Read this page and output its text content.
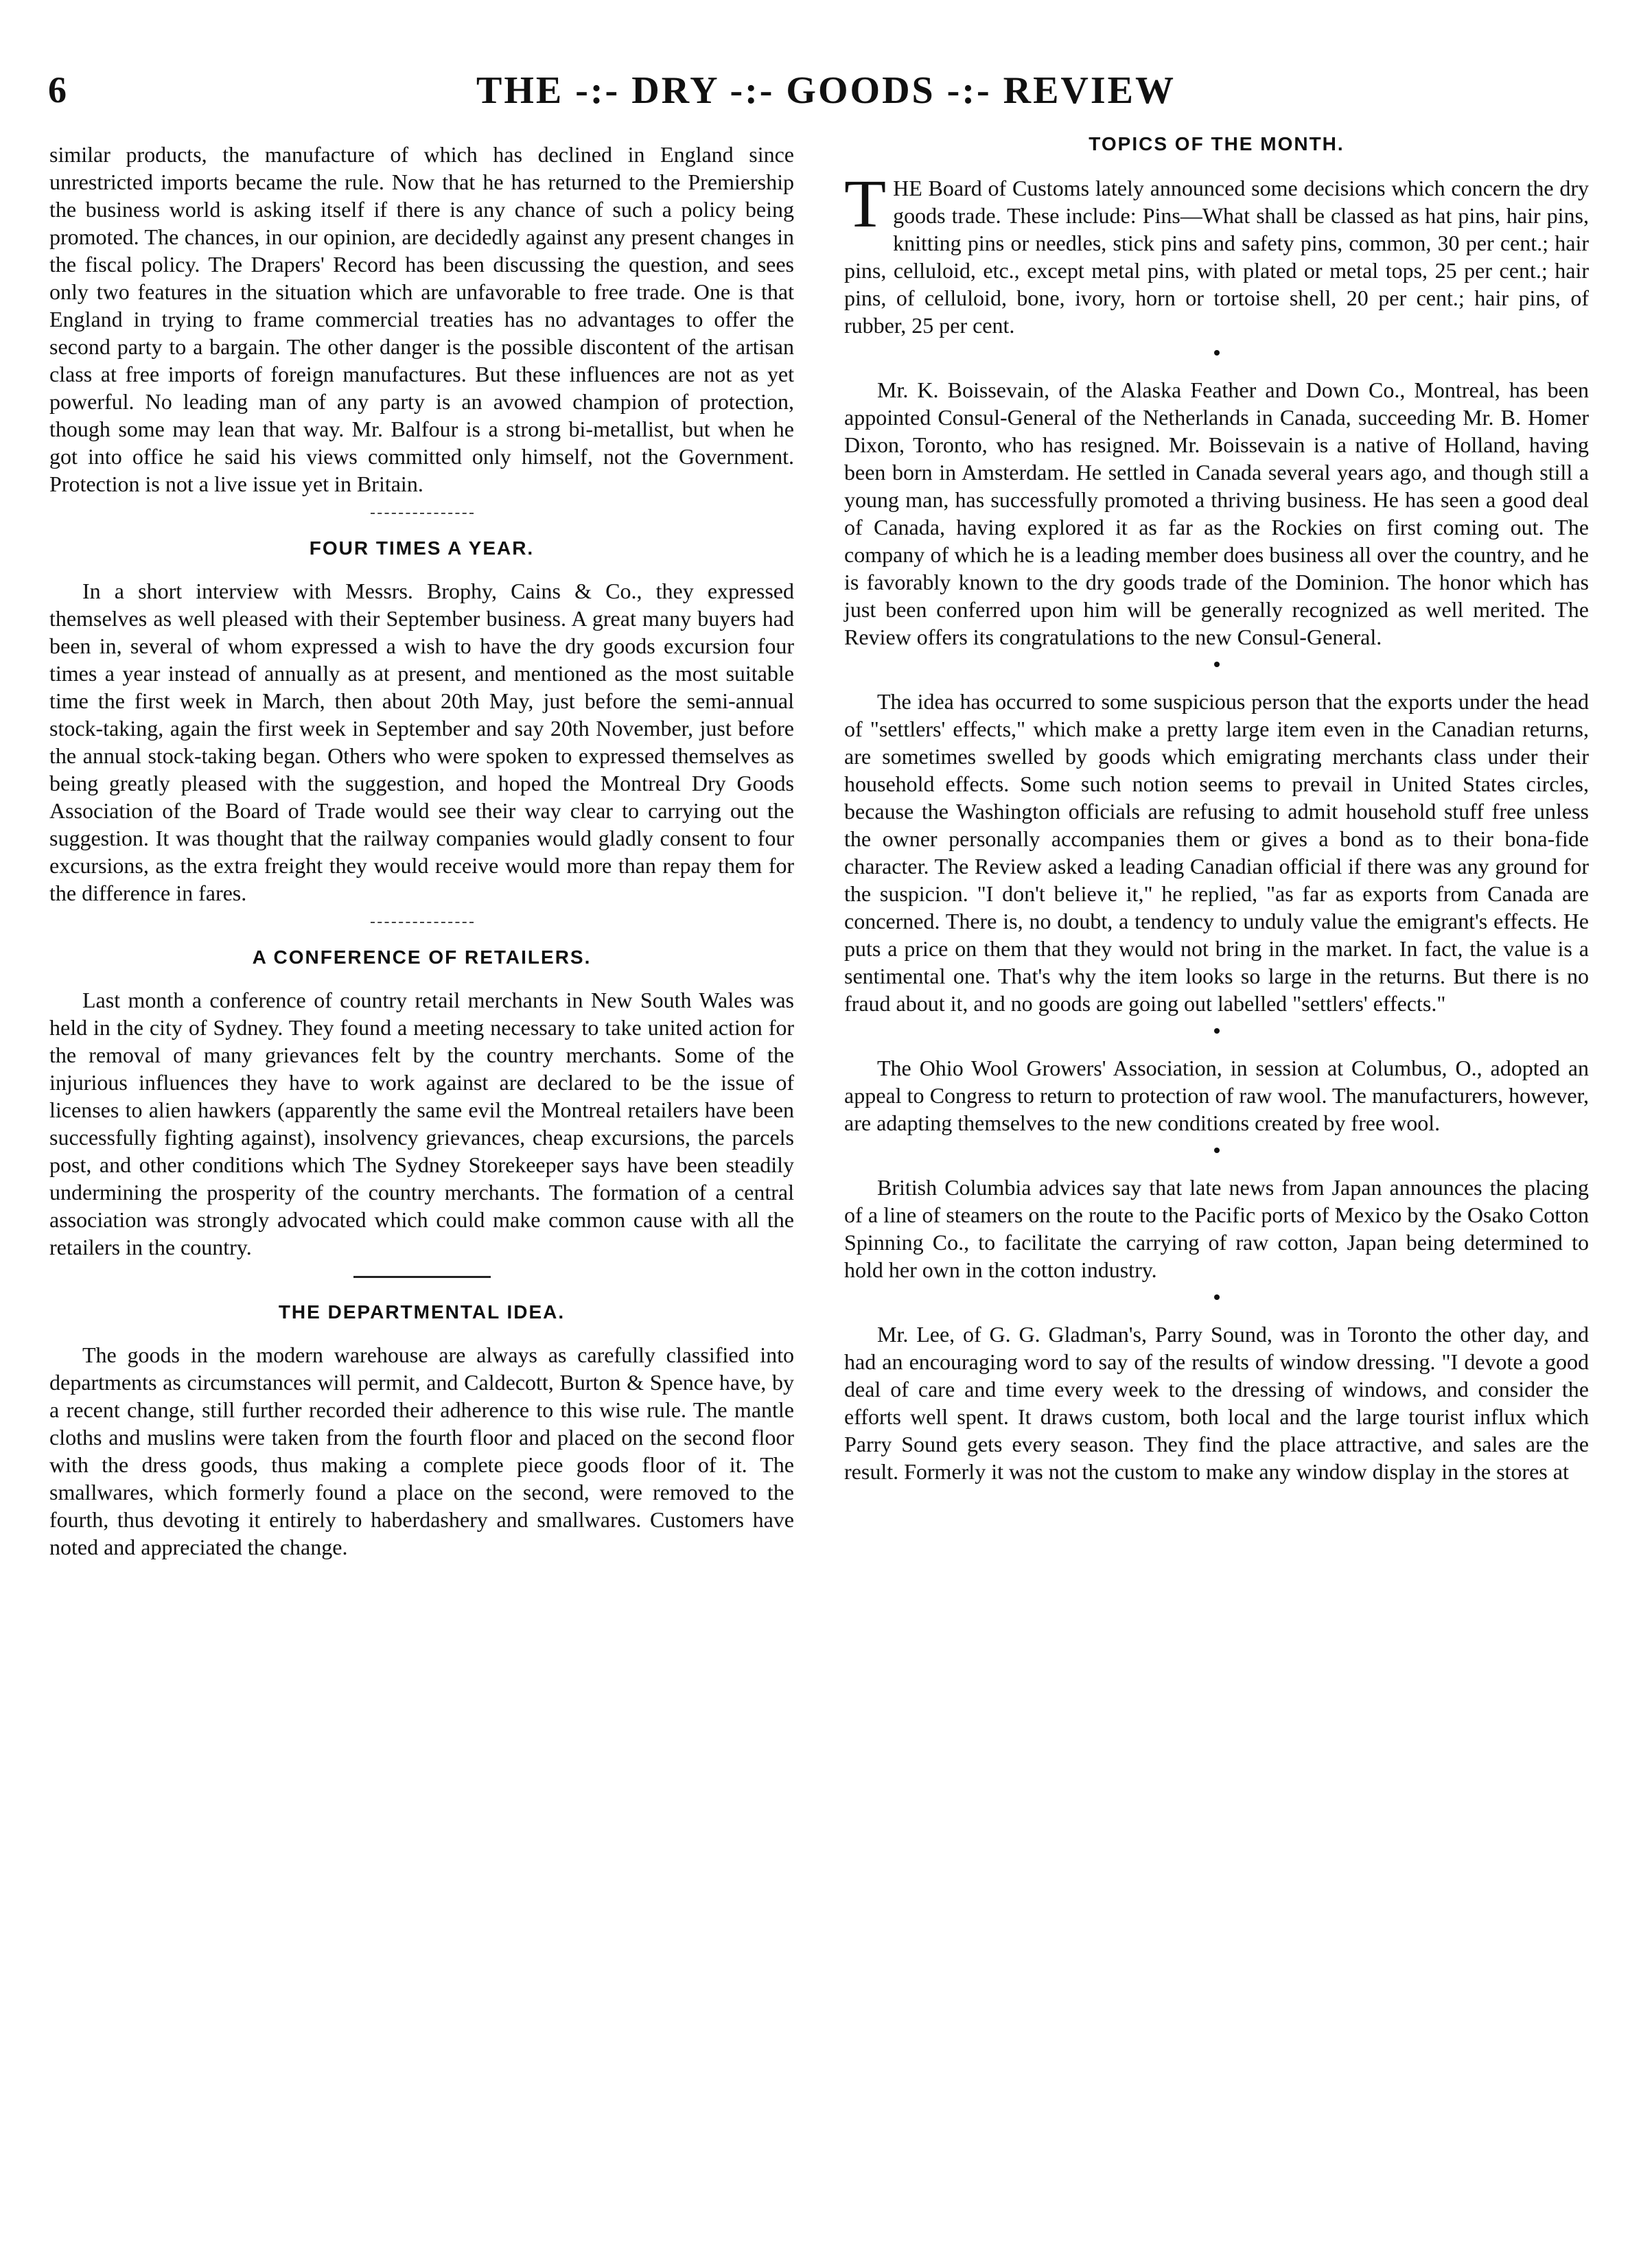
6	THE -:- DRY -:- GOODS -:- REVIEW

similar products, the manufacture of which has declined in England since unrestricted imports became the rule. Now that he has returned to the Premiership the business world is asking itself if there is any chance of such a policy being promoted. The chances, in our opinion, are decidedly against any present changes in the fiscal policy. The Drapers' Record has been discussing the question, and sees only two features in the situation which are unfavorable to free trade. One is that England in trying to frame commercial treaties has no advantages to offer the second party to a bargain. The other danger is the possible discontent of the artisan class at free imports of foreign manufactures. But these influences are not as yet powerful. No leading man of any party is an avowed champion of protection, though some may lean that way. Mr. Balfour is a strong bi-metallist, but when he got into office he said his views committed only himself, not the Government. Protection is not a live issue yet in Britain.

FOUR TIMES A YEAR.

In a short interview with Messrs. Brophy, Cains & Co., they expressed themselves as well pleased with their September business. A great many buyers had been in, several of whom expressed a wish to have the dry goods excursion four times a year instead of annually as at present, and mentioned as the most suitable time the first week in March, then about 20th May, just before the semi-annual stock-taking, again the first week in September and say 20th November, just before the annual stock-taking began. Others who were spoken to expressed themselves as being greatly pleased with the suggestion, and hoped the Montreal Dry Goods Association of the Board of Trade would see their way clear to carrying out the suggestion. It was thought that the railway companies would gladly consent to four excursions, as the extra freight they would receive would more than repay them for the difference in fares.

A CONFERENCE OF RETAILERS.

Last month a conference of country retail merchants in New South Wales was held in the city of Sydney. They found a meeting necessary to take united action for the removal of many grievances felt by the country merchants. Some of the injurious influences they have to work against are declared to be the issue of licenses to alien hawkers (apparently the same evil the Montreal retailers have been successfully fighting against), insolvency grievances, cheap excursions, the parcels post, and other conditions which The Sydney Storekeeper says have been steadily undermining the prosperity of the country merchants. The formation of a central association was strongly advocated which could make common cause with all the retailers in the country.

THE DEPARTMENTAL IDEA.

The goods in the modern warehouse are always as carefully classified into departments as circumstances will permit, and Caldecott, Burton & Spence have, by a recent change, still further recorded their adherence to this wise rule. The mantle cloths and muslins were taken from the fourth floor and placed on the second floor with the dress goods, thus making a complete piece goods floor of it. The smallwares, which formerly found a place on the second, were removed to the fourth, thus devoting it entirely to haberdashery and smallwares. Customers have noted and appreciated the change.

TOPICS OF THE MONTH.

THE Board of Customs lately announced some decisions which concern the dry goods trade. These include: Pins—What shall be classed as hat pins, hair pins, knitting pins or needles, stick pins and safety pins, common, 30 per cent.; hair pins, celluloid, etc., except metal pins, with plated or metal tops, 25 per cent.; hair pins, of celluloid, bone, ivory, horn or tortoise shell, 20 per cent.; hair pins, of rubber, 25 per cent.

Mr. K. Boissevain, of the Alaska Feather and Down Co., Montreal, has been appointed Consul-General of the Netherlands in Canada, succeeding Mr. B. Homer Dixon, Toronto, who has resigned. Mr. Boissevain is a native of Holland, having been born in Amsterdam. He settled in Canada several years ago, and though still a young man, has successfully promoted a thriving business. He has seen a good deal of Canada, having explored it as far as the Rockies on first coming out. The company of which he is a leading member does business all over the country, and he is favorably known to the dry goods trade of the Dominion. The honor which has just been conferred upon him will be generally recognized as well merited. The Review offers its congratulations to the new Consul-General.

The idea has occurred to some suspicious person that the exports under the head of "settlers' effects," which make a pretty large item even in the Canadian returns, are sometimes swelled by goods which emigrating merchants class under their household effects. Some such notion seems to prevail in United States circles, because the Washington officials are refusing to admit household stuff free unless the owner personally accompanies them or gives a bond as to their bona-fide character. The Review asked a leading Canadian official if there was any ground for the suspicion. "I don't believe it," he replied, "as far as exports from Canada are concerned. There is, no doubt, a tendency to unduly value the emigrant's effects. He puts a price on them that they would not bring in the market. In fact, the value is a sentimental one. That's why the item looks so large in the returns. But there is no fraud about it, and no goods are going out labelled "settlers' effects."

The Ohio Wool Growers' Association, in session at Columbus, O., adopted an appeal to Congress to return to protection of raw wool. The manufacturers, however, are adapting themselves to the new conditions created by free wool.

British Columbia advices say that late news from Japan announces the placing of a line of steamers on the route to the Pacific ports of Mexico by the Osako Cotton Spinning Co., to facilitate the carrying of raw cotton, Japan being determined to hold her own in the cotton industry.

Mr. Lee, of G. G. Gladman's, Parry Sound, was in Toronto the other day, and had an encouraging word to say of the results of window dressing. "I devote a good deal of care and time every week to the dressing of windows, and consider the efforts well spent. It draws custom, both local and the large tourist influx which Parry Sound gets every season. They find the place attractive, and sales are the result. Formerly it was not the custom to make any window display in the stores at
